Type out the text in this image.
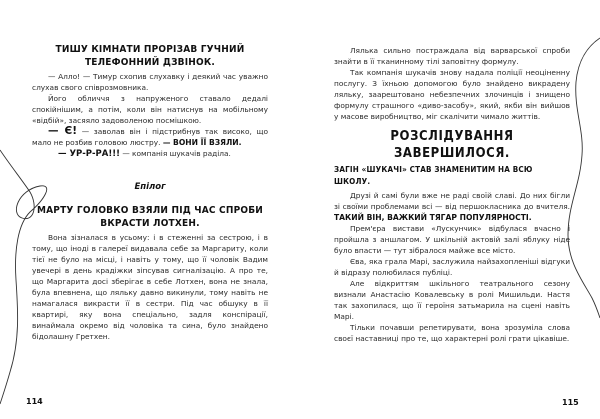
ТИШУ КІМНАТИ ПРОРІЗАВ ГУЧНИЙ
ТЕЛЕФОННИЙ ДЗВІНОК.

— Алло! — Тимур схопив слухавку і деякий час уважно слухав свого співрозмовника.

Його обличчя з напруженого ставало дедалі спокійнішим, а потім, коли він натиснув на мобільному «відбій», засяяло задоволеною посмішкою.

— Є! — заволав він і підстрибнув так високо, що мало не розбив головою люстру. — ВОНИ ЇЇ ВЗЯЛИ.

— УР-Р-РА!!! — компанія шукачів раділа.

Епілог
МАРТУ ГОЛОВКО ВЗЯЛИ ПІД ЧАС СПРОБИ
ВКРАСТИ ЛОТХЕН.

Вона зізналася в усьому: і в стеженні за сестрою, і в тому, що іноді в галереї видавала себе за Маргариту, коли тієї не було на місці, і навіть у тому, що її чоловік Вадим увечері в день крадіжки зіпсував сигналізацію. А про те, що Маргарита досі зберігає в себе Лотхен, вона не знала, була впевнена, що ляльку давно викинули, тому навіть не намагалася викрасти її в сестри. Під час обшуку в її квартирі, яку вона спеціально, задля конспірації, винаймала окремо від чоловіка та сина, було знайдено бідолашну Гретхен.

114

Лялька сильно постраждала від варварської спроби знайти в її тканинному тілі заповітну формулу.

Так компанія шукачів знову надала поліції неоціненну послугу. З їхньою допомогою було знайдено викрадену ляльку, заарештовано небезпечних злочинців і знищено формулу страшного «диво-засобу», який, якби він вийшов у масове виробництво, міг скалічити чимало життів.

РОЗСЛІДУВАННЯ ЗАВЕРШИЛОСЯ.
ЗАГІН «ШУКАЧІ» СТАВ ЗНАМЕНИТИМ НА ВСЮ ШКОЛУ.

Друзі й самі були вже не раді своїй славі. До них бігли зі своїми проблемами всі — від першокласника до вчителя. ТАКИЙ ВІН, ВАЖКИЙ ТЯГАР ПОПУЛЯРНОСТІ.

Прем'єра вистави «Лускунчик» відбулася вчасно і пройшла з аншлагом. У шкільній актовій залі яблуку ніде було впасти — тут зібралося майже все місто.

Єва, яка грала Марі, заслужила найзахопленіші відгуки й відразу полюбилася публіці.

Але відкриттям шкільного театрального сезону визнали Анастасію Ковалевську в ролі Мишильди. Настя так захопилася, що її героїня затьмарила на сцені навіть Марі.

Тільки почавши репетирувати, вона зрозуміла слова своєї наставниці про те, що характерні ролі грати цікавіше.

115
